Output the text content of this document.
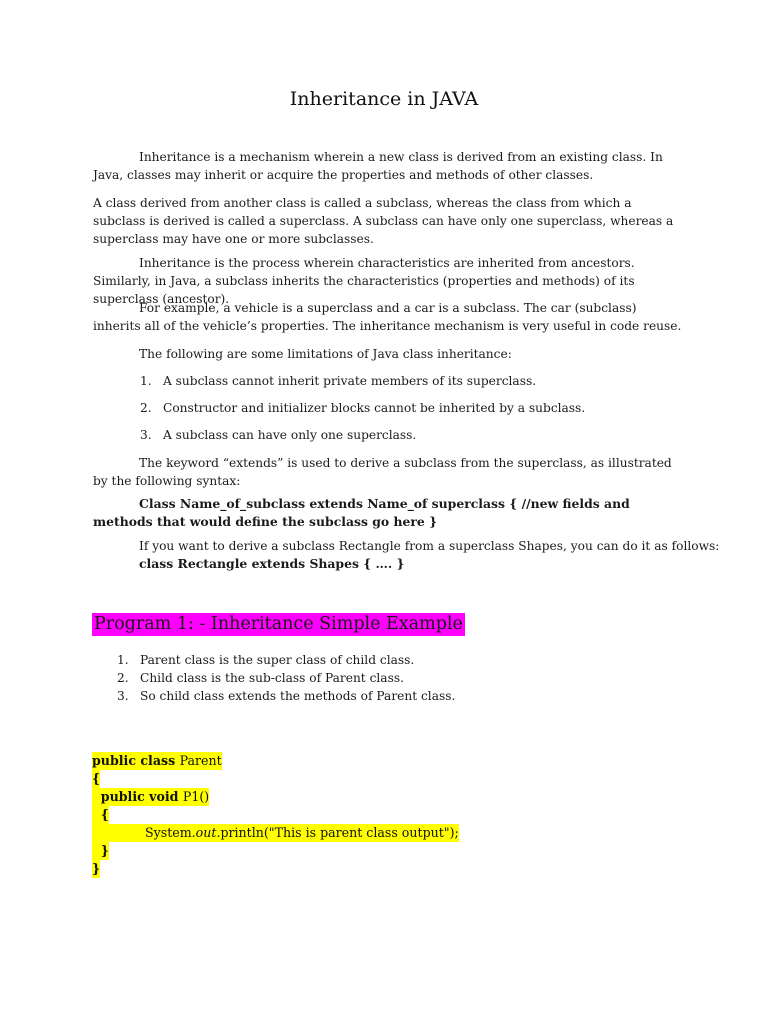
Inheritance in JAVA
Inheritance is a mechanism wherein a new class is derived from an existing class. In Java, classes may inherit or acquire the properties and methods of other classes.
A class derived from another class is called a subclass, whereas the class from which a subclass is derived is called a superclass. A subclass can have only one superclass, whereas a superclass may have one or more subclasses.
Inheritance is the process wherein characteristics are inherited from ancestors. Similarly, in Java, a subclass inherits the characteristics (properties and methods) of its superclass (ancestor).
For example, a vehicle is a superclass and a car is a subclass. The car (subclass) inherits all of the vehicle’s properties. The inheritance mechanism is very useful in code reuse.
The following are some limitations of Java class inheritance:
1. A subclass cannot inherit private members of its superclass.
2. Constructor and initializer blocks cannot be inherited by a subclass.
3. A subclass can have only one superclass.
The keyword “extends” is used to derive a subclass from the superclass, as illustrated by the following syntax:
Class Name_of_subclass extends Name_of superclass { //new fields and methods that would define the subclass go here }
If you want to derive a subclass Rectangle from a superclass Shapes, you can do it as follows:
class Rectangle extends Shapes { …. }
Program 1: - Inheritance Simple Example
1. Parent class is the super class of child class.
2. Child class is the sub-class of Parent class.
3. So child class extends the methods of Parent class.
public class Parent
{
public void P1()
{
System.out.println("This is parent class output");
}
}
